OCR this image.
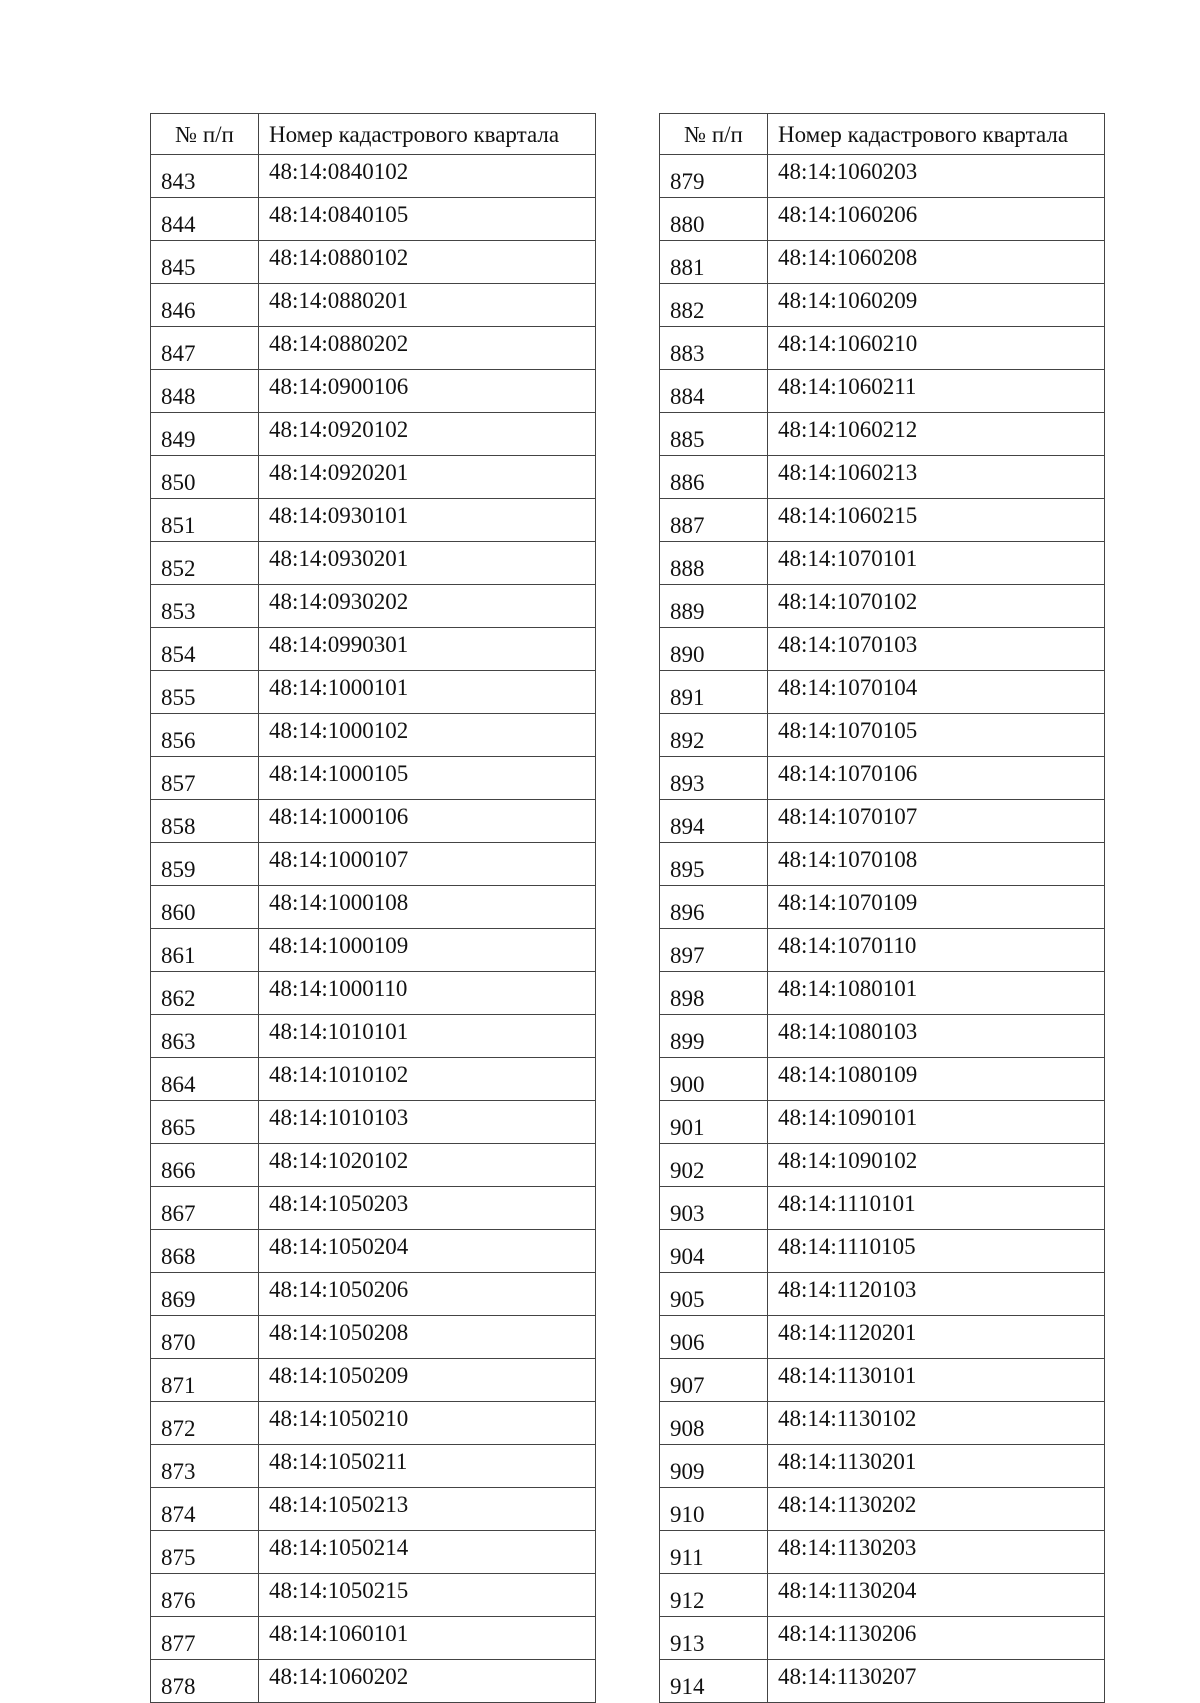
№ п/п	Номер кадастрового квартала
843	48:14:0840102
844	48:14:0840105
845	48:14:0880102
846	48:14:0880201
847	48:14:0880202
848	48:14:0900106
849	48:14:0920102
850	48:14:0920201
851	48:14:0930101
852	48:14:0930201
853	48:14:0930202
854	48:14:0990301
855	48:14:1000101
856	48:14:1000102
857	48:14:1000105
858	48:14:1000106
859	48:14:1000107
860	48:14:1000108
861	48:14:1000109
862	48:14:1000110
863	48:14:1010101
864	48:14:1010102
865	48:14:1010103
866	48:14:1020102
867	48:14:1050203
868	48:14:1050204
869	48:14:1050206
870	48:14:1050208
871	48:14:1050209
872	48:14:1050210
873	48:14:1050211
874	48:14:1050213
875	48:14:1050214
876	48:14:1050215
877	48:14:1060101
878	48:14:1060202
№ п/п	Номер кадастрового квартала
879	48:14:1060203
880	48:14:1060206
881	48:14:1060208
882	48:14:1060209
883	48:14:1060210
884	48:14:1060211
885	48:14:1060212
886	48:14:1060213
887	48:14:1060215
888	48:14:1070101
889	48:14:1070102
890	48:14:1070103
891	48:14:1070104
892	48:14:1070105
893	48:14:1070106
894	48:14:1070107
895	48:14:1070108
896	48:14:1070109
897	48:14:1070110
898	48:14:1080101
899	48:14:1080103
900	48:14:1080109
901	48:14:1090101
902	48:14:1090102
903	48:14:1110101
904	48:14:1110105
905	48:14:1120103
906	48:14:1120201
907	48:14:1130101
908	48:14:1130102
909	48:14:1130201
910	48:14:1130202
911	48:14:1130203
912	48:14:1130204
913	48:14:1130206
914	48:14:1130207
